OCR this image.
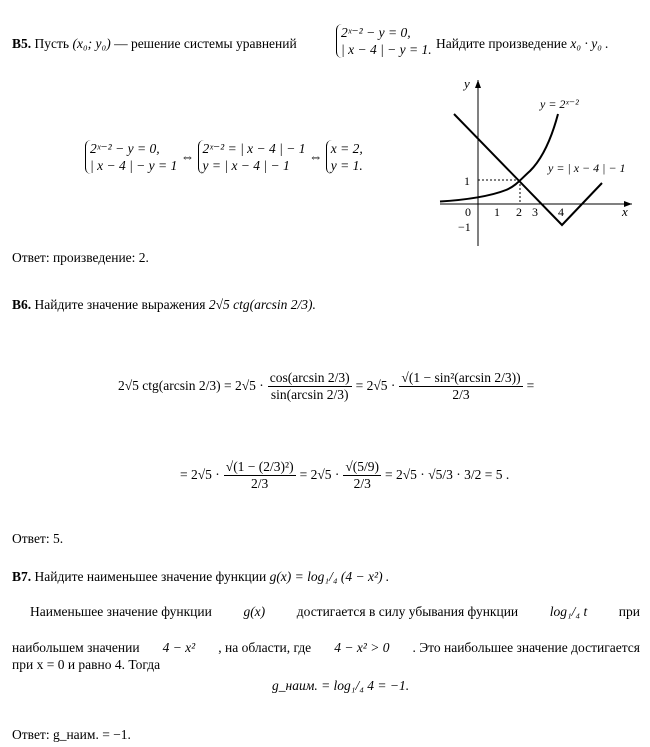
B5. Пусть (x₀; y₀) — решение системы уравнений
2ˣ⁻² − y = 0,
| x − 4 | − y = 1. Найдите произведение x₀ · y₀ .
2ˣ⁻² − y = 0,
| x − 4 | − y = 1 ⇔ 2ˣ⁻² = | x − 4 | − 1
y = | x − 4 | − 1 ⇔ x = 2,
y = 1.
y
x
y = 2ˣ⁻²
y = | x − 4 | − 1
0 1 2 3 4
1
−1
Ответ: произведение: 2.
B6. Найдите значение выражения 2√5 ctg(arcsin 2/3).
2√5 ctg(arcsin $2/3) = 2√5 \cdot \frac{\cos(\arcsin 2/3)}{\sin(\arcsin 2/3)} = 2√5 \cdot \frac{\text{√(1 − sin²(arcsin 2/3))}}{2/3}$ =
= $2√5 \cdot \frac{\text{√(1 − (2/3)²)}}{2/3} = 2√5 \cdot \frac{√(5/9)}{2/3} = 2√5 \cdot √5/3 \cdot 3/2 = 5$ .
Ответ: 5.
B7. Найдите наименьшее значение функции g(x) = log₁/₄ (4 − x²) .
Наименьшее значение функции g(x) достигается в силу убывания функции log₁/₄ t при
наибольшем значении 4 − x² , на области, где 4 − x² > 0 . Это наибольшее значение достигается
при x = 0 и равно 4. Тогда
g_наим. = log₁/₄ 4 = −1.
Ответ: g_наим. = −1.
